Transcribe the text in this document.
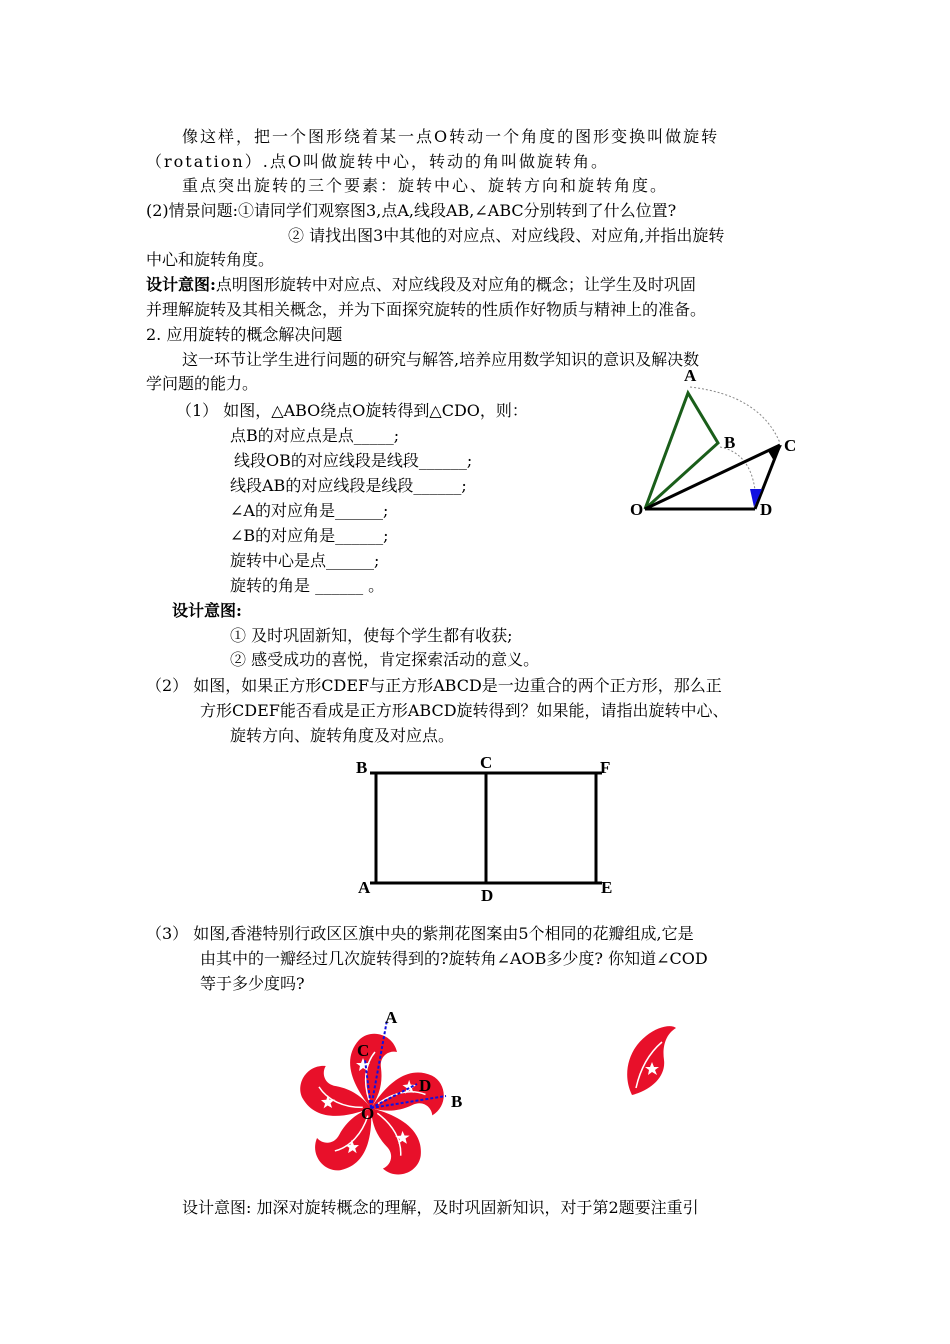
像这样，把一个图形绕着某一点O转动一个角度的图形变换叫做旋转
（rotation）.点O叫做旋转中心，转动的角叫做旋转角。
重点突出旋转的三个要素：旋转中心、旋转方向和旋转角度。
(2)情景问题:①请同学们观察图3,点A,线段AB,∠ABC分别转到了什么位置?
② 请找出图3中其他的对应点、对应线段、对应角,并指出旋转
中心和旋转角度。
设计意图:点明图形旋转中对应点、对应线段及对应角的概念；让学生及时巩固
并理解旋转及其相关概念，并为下面探究旋转的性质作好物质与精神上的准备。
2. 应用旋转的概念解决问题
这一环节让学生进行问题的研究与解答,培养应用数学知识的意识及解决数
学问题的能力。
（1） 如图，△ABO绕点O旋转得到△CDO，则：
点B的对应点是点_____;
线段OB的对应线段是线段______;
线段AB的对应线段是线段______;
∠A的对应角是______;
∠B的对应角是______;
旋转中心是点______;
旋转的角是 ______ 。
设计意图:
① 及时巩固新知，使每个学生都有收获;
② 感受成功的喜悦，肯定探索活动的意义。
（2） 如图，如果正方形CDEF与正方形ABCD是一边重合的两个正方形，那么正
方形CDEF能否看成是正方形ABCD旋转得到？如果能，请指出旋转中心、
旋转方向、旋转角度及对应点。
（3） 如图,香港特别行政区区旗中央的紫荆花图案由5个相同的花瓣组成,它是
由其中的一瓣经过几次旋转得到的?旋转角∠AOB多少度? 你知道∠COD
等于多少度吗?
设计意图: 加深对旋转概念的理解，及时巩固新知识，对于第2题要注重引
A
B	C
D
O
B	C	F
A	D	E
A
C
D
B
O
